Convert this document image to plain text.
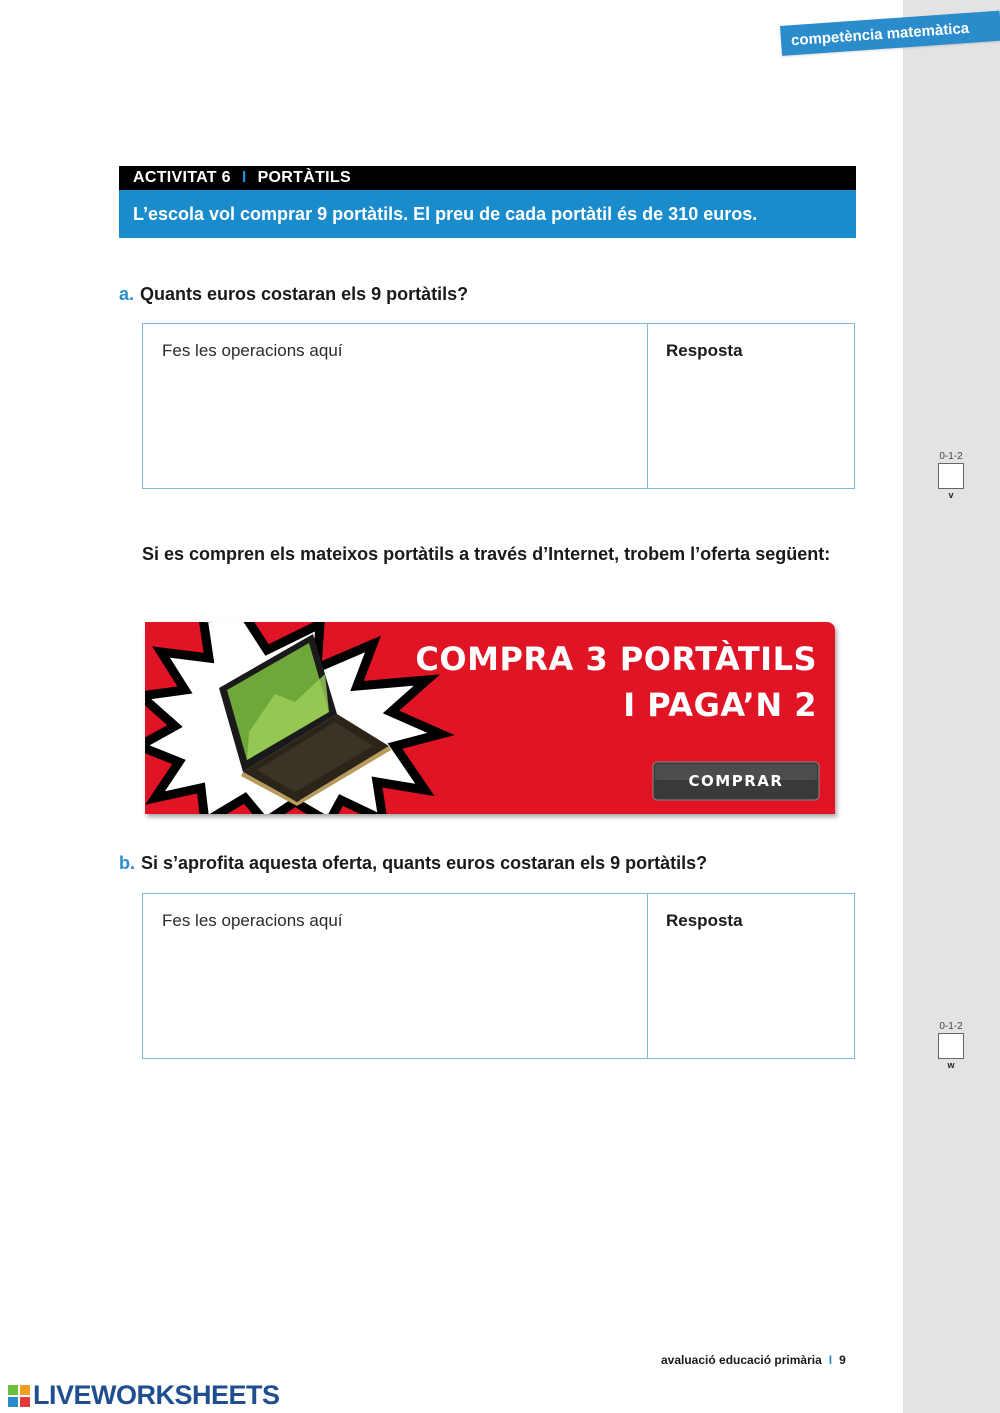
competència matemàtica
ACTIVITAT 6 I PORTÀTILS
L’escola vol comprar 9 portàtils. El preu de cada portàtil és de 310 euros.
a. Quants euros costaran els 9 portàtils?
Fes les operacions aquí	Resposta
0-1-2
v
Si es compren els mateixos portàtils a través d’Internet, trobem l’oferta següent:
COMPRA 3 PORTÀTILS
I PAGA’N 2
COMPRAR
b. Si s’aprofita aquesta oferta, quants euros costaran els 9 portàtils?
Fes les operacions aquí	Resposta
0-1-2
w
avaluació educació primària I 9
LIVEWORKSHEETS
